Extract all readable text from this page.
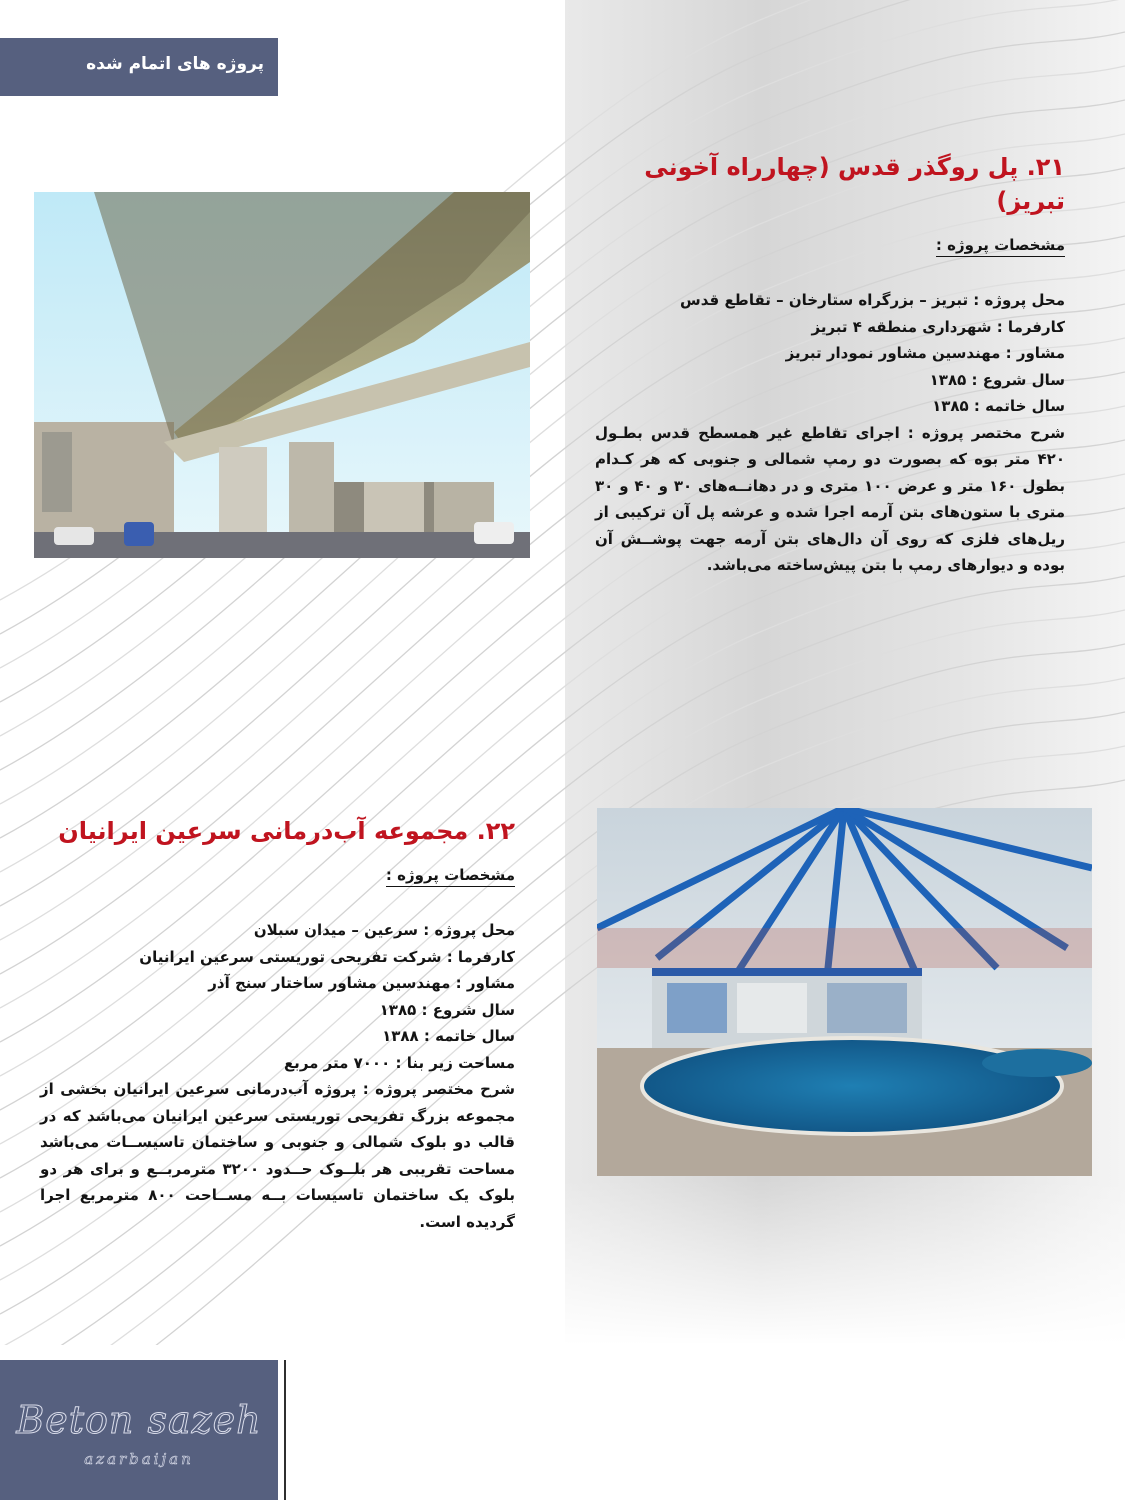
پروژه های اتمام شده
۲۱. پل روگذر قدس (چهارراه آخونی تبریز)
مشخصات پروژه :

محل پروژه : تبریز – بزرگراه ستارخان – تقاطع قدس

کارفرما : شهرداری منطقه ۴ تبریز

مشاور : مهندسین مشاور نمودار تبریز

سال شروع : ۱۳۸۵

سال خاتمه : ۱۳۸۵

شرح مختصر پروژه : اجرای تقاطع غیر همسطح قدس بطـول ۴۲۰ متر بوه که بصورت دو رمپ شمالی و جنوبی که هر کـدام بطول ۱۶۰ متر و عرض ۱۰۰ متری و در دهانــه‌های ۳۰ و ۴۰ و ۳۰ متری با ستون‌های بتن آرمه اجرا شده و عرشه پل آن ترکیبی از ریل‌های فلزی که روی آن دال‌های بتن آرمه جهت پوشــش آن بوده و دیوارهای رمپ با بتن پیش‌ساخته می‌باشد.

۲۲. مجموعه آب‌درمانی سرعین ایرانیان
مشخصات پروژه :

محل پروژه : سرعین – میدان سبلان

کارفرما : شرکت تفریحی توریستی سرعین ایرانیان

مشاور : مهندسین مشاور ساختار سنج آذر

سال شروع : ۱۳۸۵

سال خاتمه : ۱۳۸۸

مساحت زیر بنا : ۷۰۰۰ متر مربع

شرح مختصر پروژه : پروژه آب‌درمانی سرعین ایرانیان بخشی از مجموعه بزرگ تفریحی توریستی سرعین ایرانیان می‌باشد که در قالب دو بلوک شمالی و جنوبی و ساختمان تاسیســات می‌باشد مساحت تقریبی هر بلــوک حــدود ۳۲۰۰ مترمربــع و برای هر دو بلوک یک ساختمان تاسیسات بــه مســاحت ۸۰۰ مترمربع اجرا گردیده است.

Beton sazeh
azarbaijan
